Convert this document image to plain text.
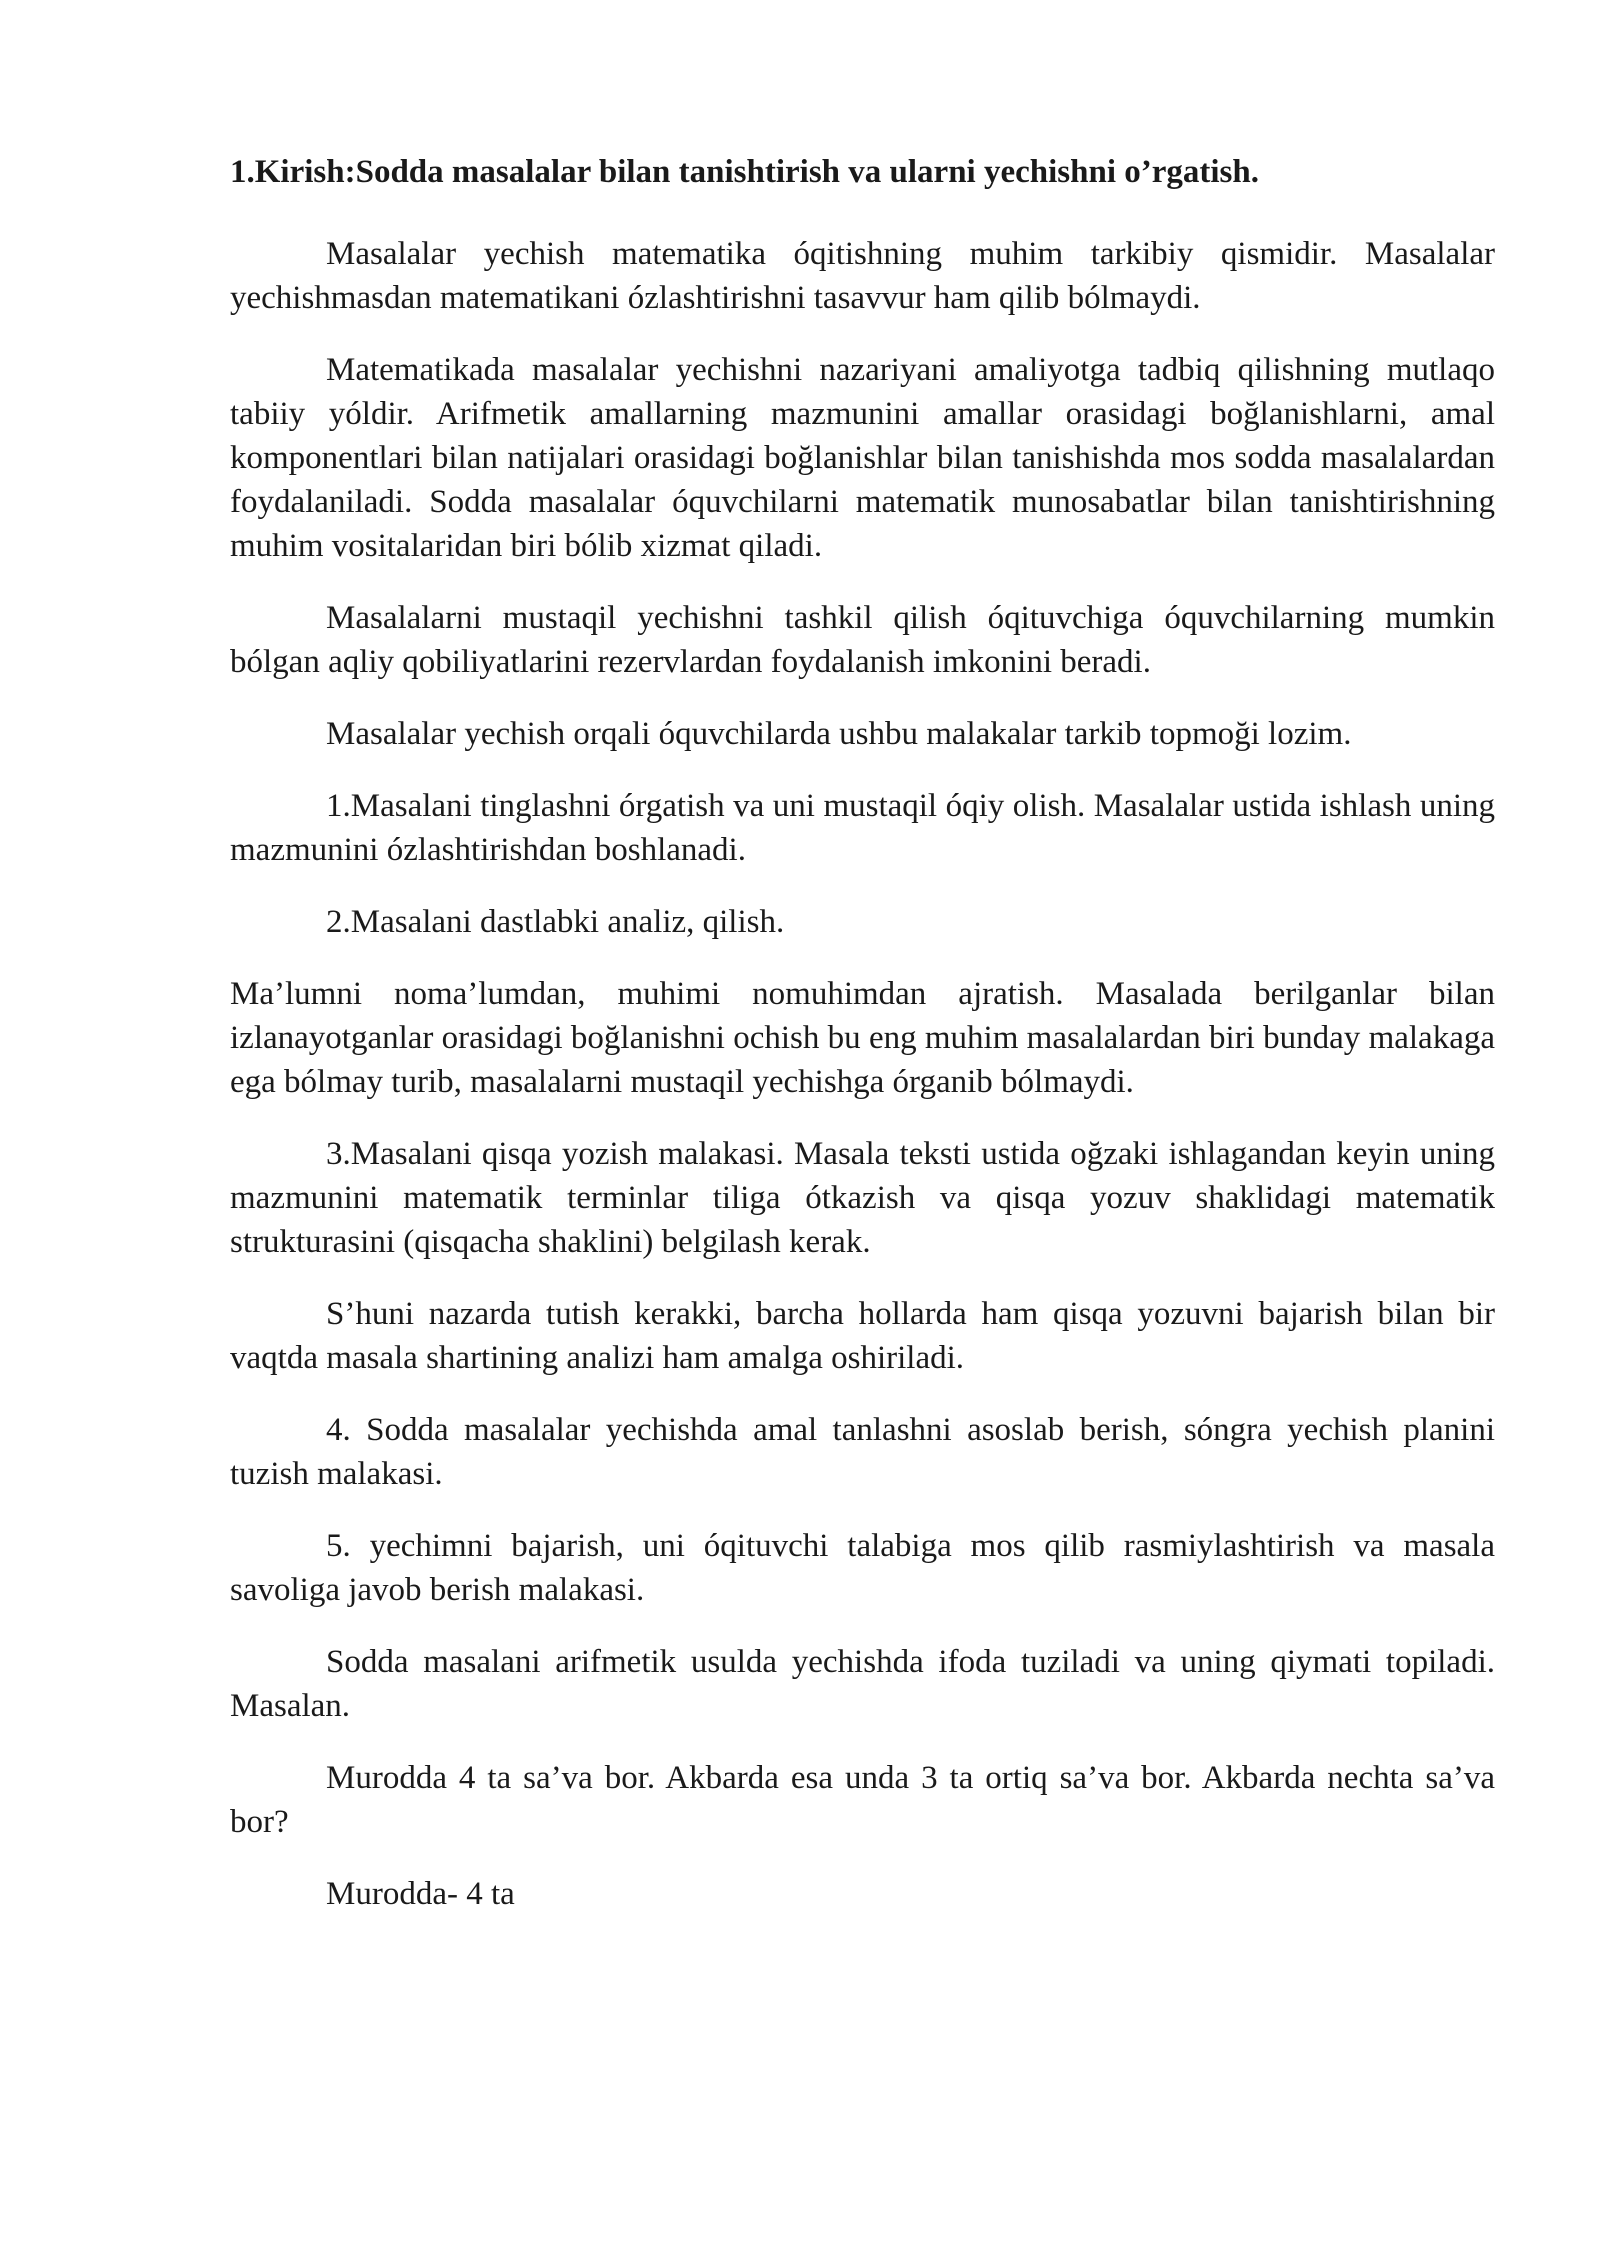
1.Kirish:Sodda masalalar bilan tanishtirish va ularni yechishni o’rgatish.

Masalalar yechish matematika óqitishning muhim tarkibiy qismidir. Masalalar yechishmasdan matematikani ózlashtirishni tasavvur ham qilib bólmaydi.

Matematikada masalalar yechishni nazariyani amaliyotga tadbiq qilishning mutlaqo tabiiy yóldir. Arifmetik amallarning mazmunini amallar orasidagi boğlanishlarni, amal komponentlari bilan natijalari orasidagi boğlanishlar bilan tanishishda mos sodda masalalardan foydalaniladi. Sodda masalalar óquvchilarni matematik munosabatlar bilan tanishtirishning muhim vositalaridan biri bólib xizmat qiladi.

Masalalarni mustaqil yechishni tashkil qilish óqituvchiga óquvchilarning mumkin bólgan aqliy qobiliyatlarini rezervlardan foydalanish imkonini beradi.

Masalalar yechish orqali óquvchilarda ushbu malakalar tarkib topmoği lozim.

1.Masalani tinglashni órgatish va uni mustaqil óqiy olish. Masalalar ustida ishlash uning mazmunini ózlashtirishdan boshlanadi.

2.Masalani dastlabki analiz, qilish.

Ma’lumni noma’lumdan, muhimi nomuhimdan ajratish. Masalada berilganlar bilan izlanayotganlar orasidagi boğlanishni ochish bu eng muhim masalalardan biri bunday malakaga ega bólmay turib, masalalarni mustaqil yechishga órganib bólmaydi.

3.Masalani qisqa yozish malakasi. Masala teksti ustida oğzaki ishlagandan keyin uning mazmunini matematik terminlar tiliga ótkazish va qisqa yozuv shaklidagi matematik strukturasini (qisqacha shaklini) belgilash kerak.

S’huni nazarda tutish kerakki, barcha hollarda ham qisqa yozuvni bajarish bilan bir vaqtda masala shartining analizi ham amalga oshiriladi.

4. Sodda masalalar yechishda amal tanlashni asoslab berish, sóngra yechish planini tuzish malakasi.

5. yechimni bajarish, uni óqituvchi talabiga mos qilib rasmiylashtirish va masala savoliga javob berish malakasi.

Sodda masalani arifmetik usulda yechishda ifoda tuziladi va uning qiymati topiladi. Masalan.

Murodda 4 ta sa’va bor. Akbarda esa unda 3 ta ortiq sa’va bor. Akbarda nechta sa’va bor?

Murodda- 4 ta
